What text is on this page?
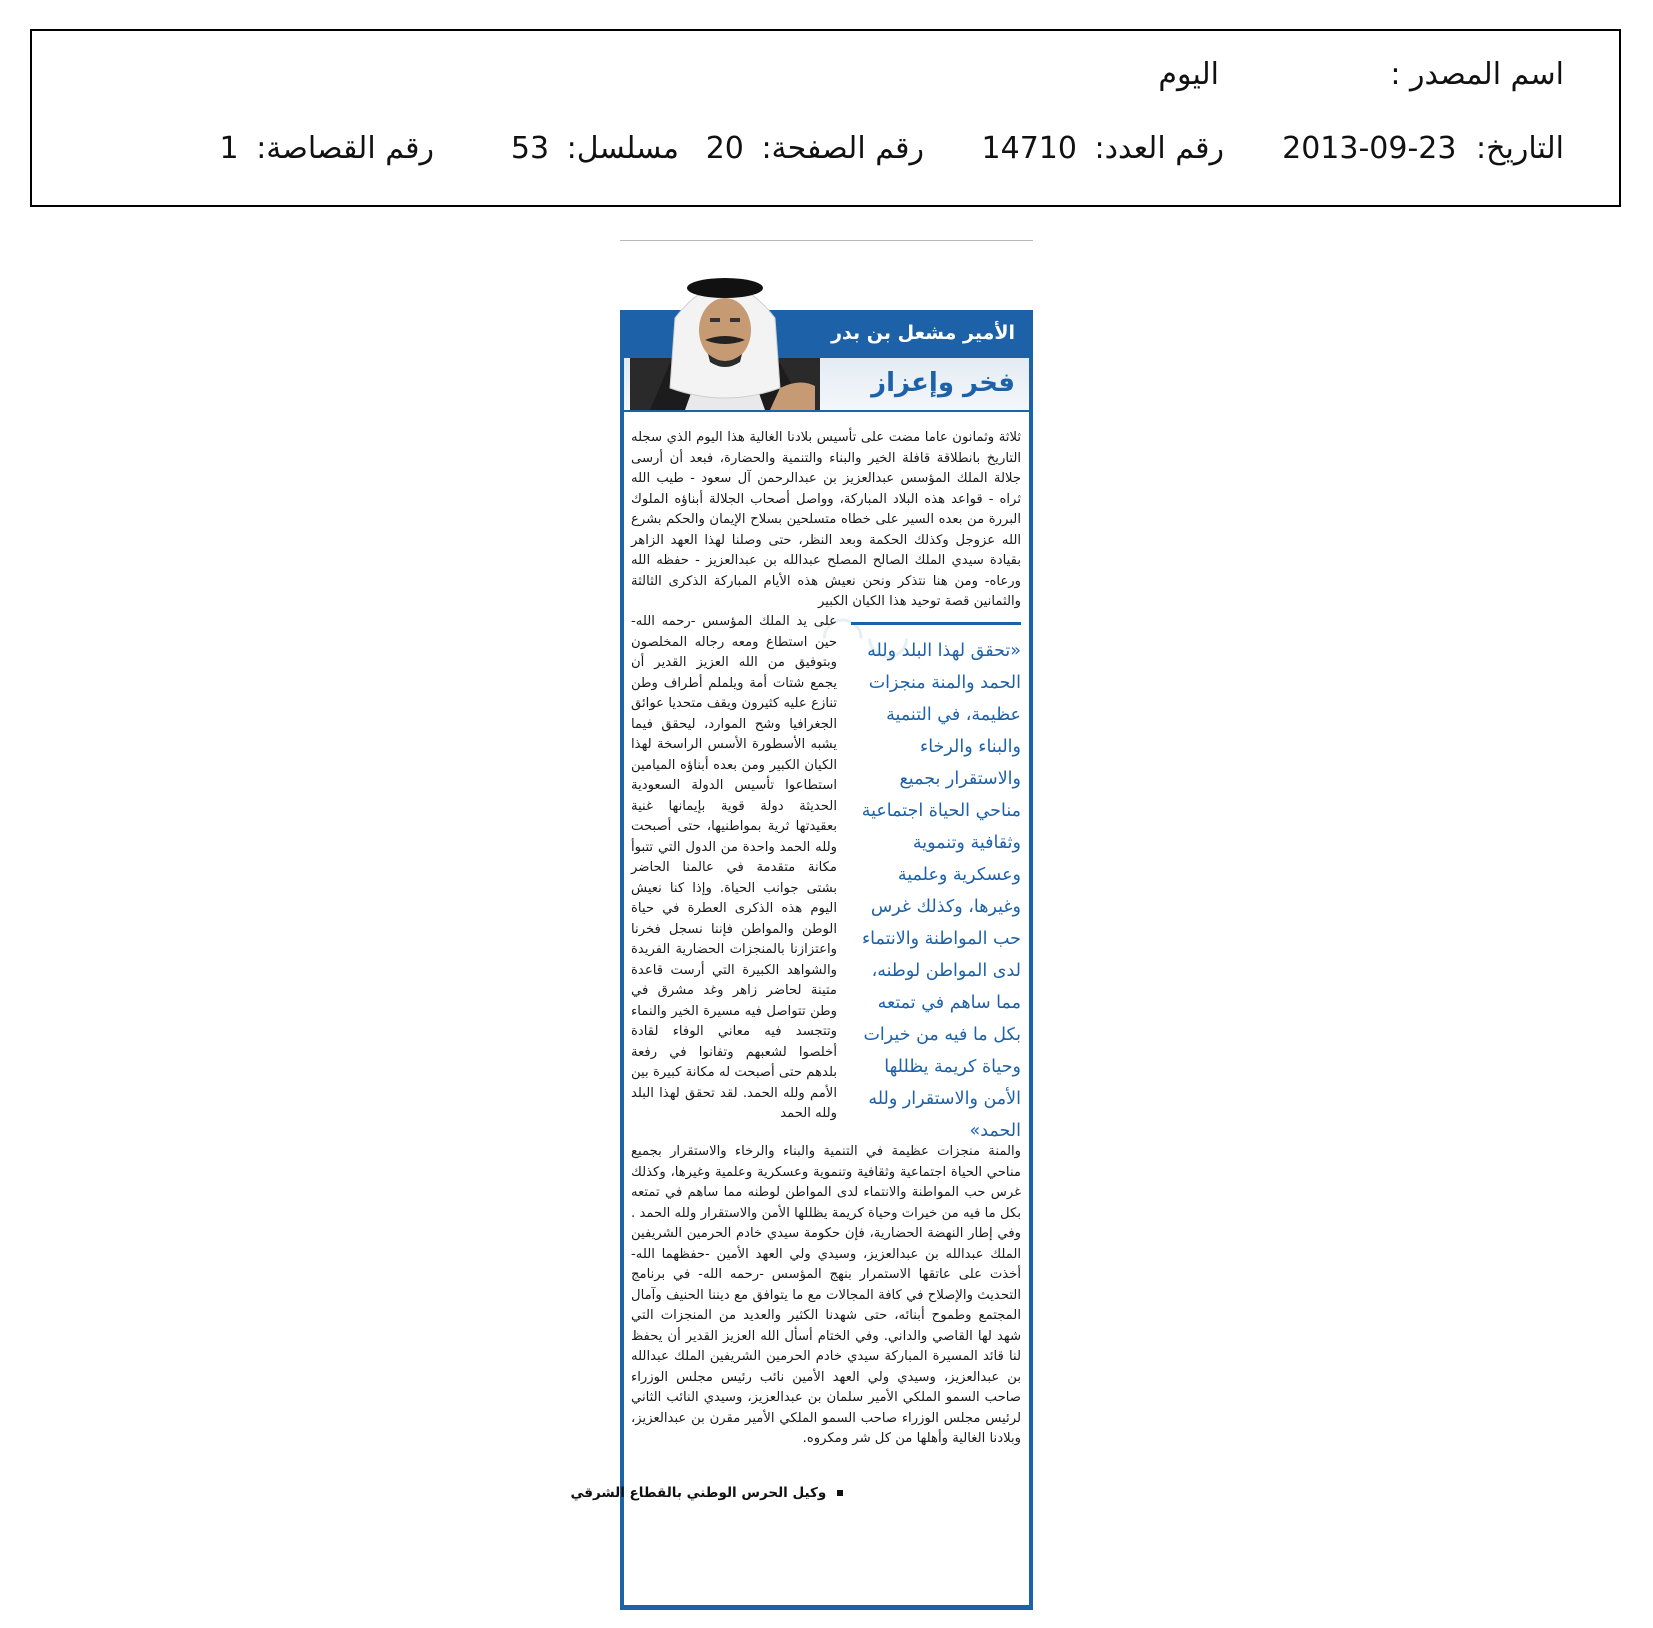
اسم المصدر :
اليوم
التاريخ: 2013-09-23
رقم العدد: 14710
رقم الصفحة: 20
مسلسل: 53
رقم القصاصة: 1
◠◡
الأمير مشعل بن بدر
فخر وإعزاز
ثلاثة وثمانون عاما مضت على تأسيس بلادنا الغالية هذا اليوم الذي سجله التاريخ بانطلاقة قافلة الخير والبناء والتنمية والحضارة، فبعد أن أرسى جلالة الملك المؤسس عبدالعزيز بن عبدالرحمن آل سعود - طيب الله ثراه - قواعد هذه البلاد المباركة، وواصل أصحاب الجلالة أبناؤه الملوك البررة من بعده السير على خطاه متسلحين بسلاح الإيمان والحكم بشرع الله عزوجل وكذلك الحكمة وبعد النظر، حتى وصلنا لهذا العهد الزاهر بقيادة سيدي الملك الصالح المصلح عبدالله بن عبدالعزيز - حفظه الله ورعاه- ومن هنا نتذكر ونحن نعيش هذه الأيام المباركة الذكرى الثالثة والثمانين قصة توحيد هذا الكيان الكبير
«تحقق لهذا البلد ولله الحمد والمنة منجزات عظيمة، في التنمية والبناء والرخاء والاستقرار بجميع مناحي الحياة اجتماعية وثقافية وتنموية وعسكرية وعلمية وغيرها، وكذلك غرس حب المواطنة والانتماء لدى المواطن لوطنه، مما ساهم في تمتعه بكل ما فيه من خيرات وحياة كريمة يظللها الأمن والاستقرار ولله الحمد»
على يد الملك المؤسس -رحمه الله- حين استطاع ومعه رجاله المخلصون وبتوفيق من الله العزيز القدير أن يجمع شتات أمة ويلملم أطراف وطن تنازع عليه كثيرون ويقف متحديا عوائق الجغرافيا وشح الموارد، ليحقق فيما يشبه الأسطورة الأسس الراسخة لهذا الكيان الكبير ومن بعده أبناؤه الميامين استطاعوا تأسيس الدولة السعودية الحديثة دولة قوية بإيمانها غنية بعقيدتها ثرية بمواطنيها، حتى أصبحت ولله الحمد واحدة من الدول التي تتبوأ مكانة متقدمة في عالمنا الحاضر بشتى جوانب الحياة. وإذا كنا نعيش اليوم هذه الذكرى العطرة في حياة الوطن والمواطن فإننا نسجل فخرنا واعتزازنا بالمنجزات الحضارية الفريدة والشواهد الكبيرة التي أرست قاعدة متينة لحاضر زاهر وغد مشرق في وطن تتواصل فيه مسيرة الخير والنماء وتتجسد فيه معاني الوفاء لقادة أخلصوا لشعبهم وتفانوا في رفعة بلدهم حتى أصبحت له مكانة كبيرة بين الأمم ولله الحمد. لقد تحقق لهذا البلد ولله الحمد
والمنة منجزات عظيمة في التنمية والبناء والرخاء والاستقرار بجميع مناحي الحياة اجتماعية وثقافية وتنموية وعسكرية وعلمية وغيرها، وكذلك غرس حب المواطنة والانتماء لدى المواطن لوطنه مما ساهم في تمتعه بكل ما فيه من خيرات وحياة كريمة يظللها الأمن والاستقرار ولله الحمد . وفي إطار النهضة الحضارية، فإن حكومة سيدي خادم الحرمين الشريفين الملك عبدالله بن عبدالعزيز، وسيدي ولي العهد الأمين -حفظهما الله- أخذت على عاتقها الاستمرار بنهج المؤسس -رحمه الله- في برنامج التحديث والإصلاح في كافة المجالات مع ما يتوافق مع ديننا الحنيف وآمال المجتمع وطموح أبنائه، حتى شهدنا الكثير والعديد من المنجزات التي شهد لها القاصي والداني. وفي الختام أسأل الله العزيز القدير أن يحفظ لنا قائد المسيرة المباركة سيدي خادم الحرمين الشريفين الملك عبدالله بن عبدالعزيز، وسيدي ولي العهد الأمين نائب رئيس مجلس الوزراء صاحب السمو الملكي الأمير سلمان بن عبدالعزيز، وسيدي النائب الثاني لرئيس مجلس الوزراء صاحب السمو الملكي الأمير مقرن بن عبدالعزيز، وبلادنا الغالية وأهلها من كل شر ومكروه.
وكيل الحرس الوطني بالقطاع الشرقي
